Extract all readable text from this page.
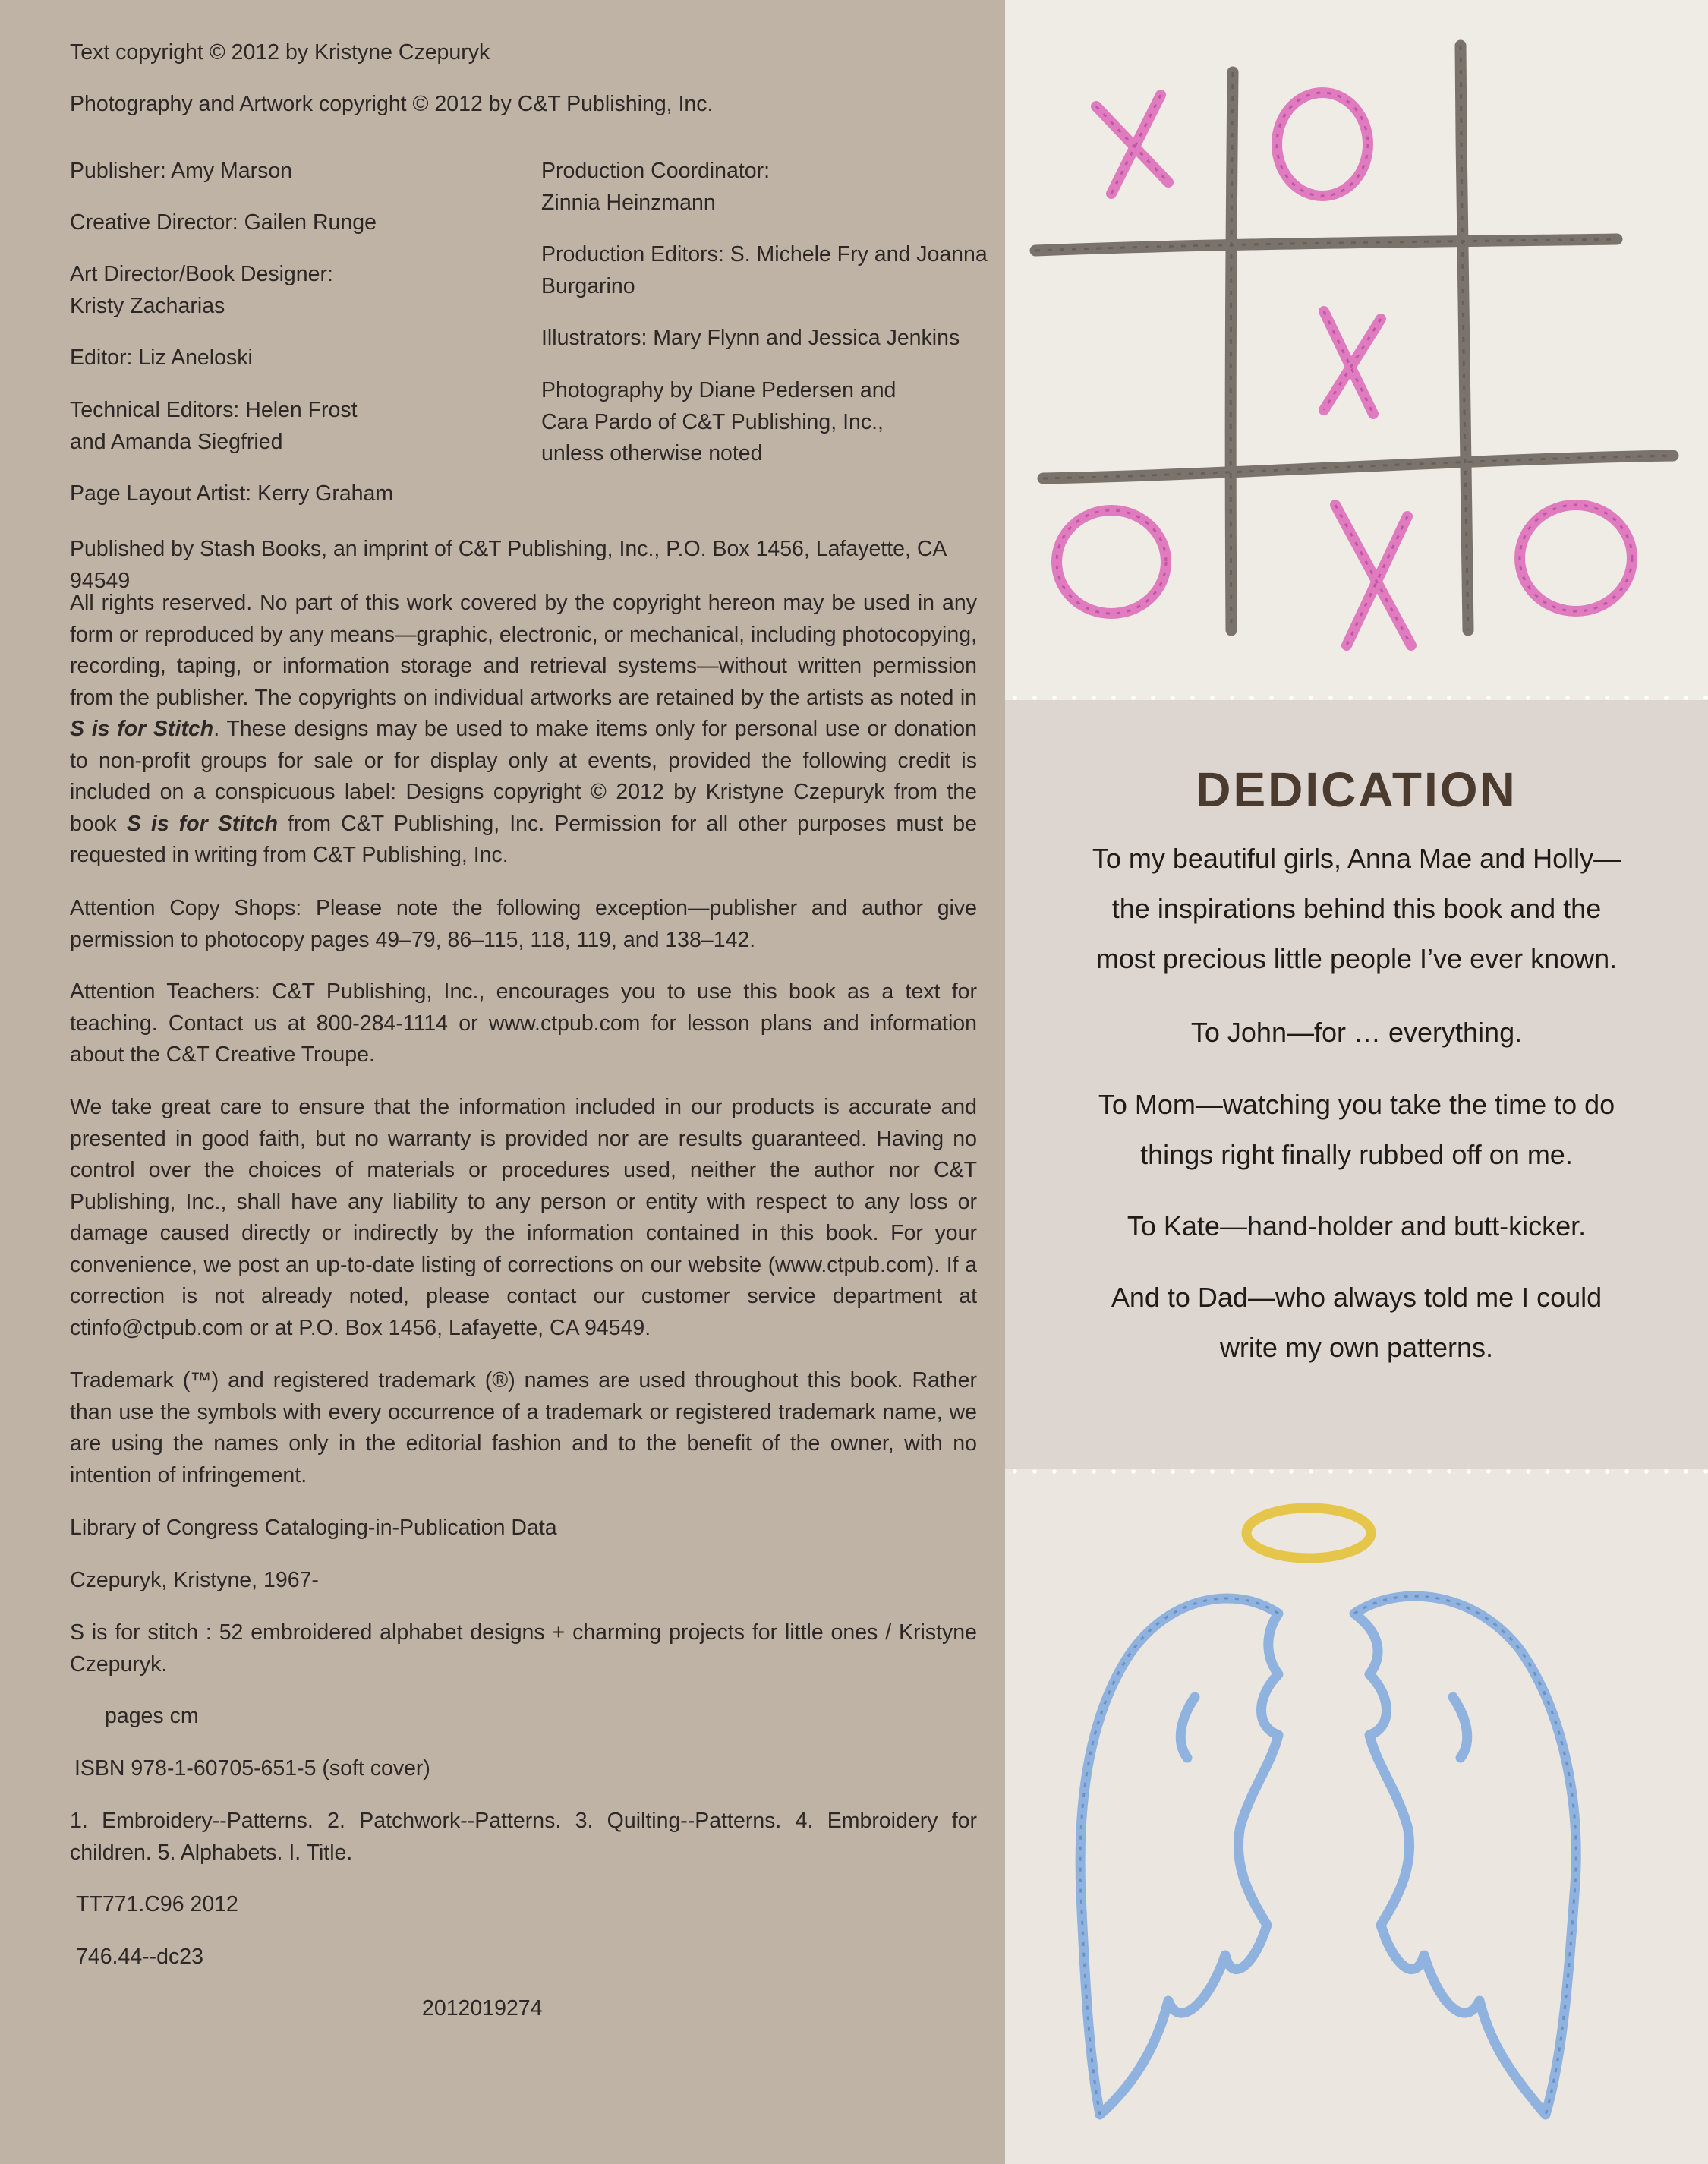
Text copyright © 2012 by Kristyne Czepuryk

Photography and Artwork copyright © 2012 by C&T Publishing, Inc.

Publisher: Amy Marson

Creative Director: Gailen Runge

Art Director/Book Designer:
Kristy Zacharias

Editor: Liz Aneloski

Technical Editors: Helen Frost
and Amanda Siegfried

Page Layout Artist: Kerry Graham

Production Coordinator:
Zinnia Heinzmann

Production Editors: S. Michele Fry and Joanna
Burgarino

Illustrators: Mary Flynn and Jessica Jenkins

Photography by Diane Pedersen and
Cara Pardo of C&T Publishing, Inc.,
unless otherwise noted

Published by Stash Books, an imprint of C&T Publishing, Inc., P.O. Box 1456, Lafayette, CA 94549

All rights reserved. No part of this work covered by the copyright hereon may be used in any form or reproduced by any means—graphic, electronic, or mechanical, including photocopying, recording, taping, or information storage and retrieval systems—without written permission from the publisher. The copyrights on individual artworks are retained by the artists as noted in S is for Stitch. These designs may be used to make items only for personal use or donation to non-profit groups for sale or for display only at events, provided the following credit is included on a conspicuous label: Designs copyright © 2012 by Kristyne Czepuryk from the book S is for Stitch from C&T Publishing, Inc. Permission for all other purposes must be requested in writing from C&T Publishing, Inc.

Attention Copy Shops: Please note the following exception—publisher and author give permission to photocopy pages 49–79, 86–115, 118, 119, and 138–142.

Attention Teachers: C&T Publishing, Inc., encourages you to use this book as a text for teaching. Contact us at 800-284-1114 or www.ctpub.com for lesson plans and information about the C&T Creative Troupe.

We take great care to ensure that the information included in our products is accurate and presented in good faith, but no warranty is provided nor are results guaranteed. Having no control over the choices of materials or procedures used, neither the author nor C&T Publishing, Inc., shall have any liability to any person or entity with respect to any loss or damage caused directly or indirectly by the information contained in this book. For your convenience, we post an up-to-date listing of corrections on our website (www.ctpub.com). If a correction is not already noted, please contact our customer service department at ctinfo@ctpub.com or at P.O. Box 1456, Lafayette, CA 94549.

Trademark (™) and registered trademark (®) names are used throughout this book. Rather than use the symbols with every occurrence of a trademark or registered trademark name, we are using the names only in the editorial fashion and to the benefit of the owner, with no intention of infringement.

Library of Congress Cataloging-in-Publication Data

Czepuryk, Kristyne, 1967-

S is for stitch : 52 embroidered alphabet designs + charming projects for little ones / Kristyne Czepuryk.

pages cm

ISBN 978-1-60705-651-5 (soft cover)

1. Embroidery--Patterns. 2. Patchwork--Patterns. 3. Quilting--Patterns. 4. Embroidery for children. 5. Alphabets. I. Title.

TT771.C96 2012

746.44--dc23

2012019274

DEDICATION

To my beautiful girls, Anna Mae and Holly—
the inspirations behind this book and the
most precious little people I’ve ever known.

To John—for … everything.

To Mom—watching you take the time to do
things right finally rubbed off on me.

To Kate—hand-holder and butt-kicker.

And to Dad—who always told me I could
write my own patterns.
